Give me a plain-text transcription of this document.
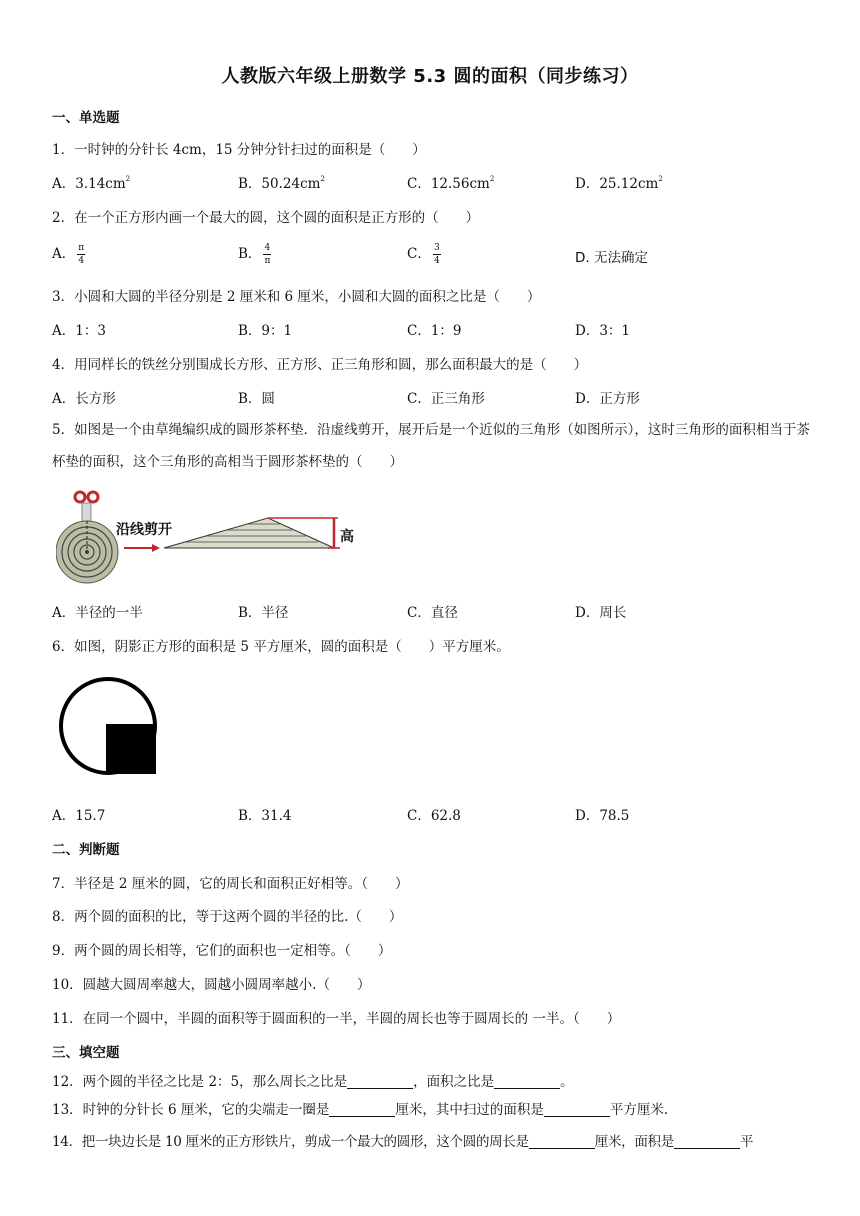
人教版六年级上册数学 5.3 圆的面积（同步练习）
一、单选题
1．一时钟的分针长 4cm，15 分钟分针扫过的面积是（　　）
A．$3.14cm^2$	B．$50.24cm^2$	C．$12.56cm^2$	D．$25.12cm^2$
2．在一个正方形内画一个最大的圆，这个圆的面积是正方形的（　　）
A． $\frac{\pi}{4}$	B． $\frac{4}{\pi}$	C． $\frac{3}{4}$	D. 无法确定
3．小圆和大圆的半径分别是 2 厘米和 6 厘米，小圆和大圆的面积之比是（　　）
A．1：3	B．9：1	C．1：9	D．3：1
4．用同样长的铁丝分别围成长方形、正方形、正三角形和圆，那么面积最大的是（　　）
A．长方形	B．圆	C．正三角形	D．正方形
5．如图是一个由草绳编织成的圆形茶杯垫．沿虚线剪开，展开后是一个近似的三角形（如图所示），这时三角形的面积相当于茶杯垫的面积，这个三角形的高相当于圆形茶杯垫的（　　）
沿线剪开	高
A．半径的一半	B．半径	C．直径	D．周长
6．如图，阴影正方形的面积是 5 平方厘米，圆的面积是（　　）平方厘米。
A．15.7	B．31.4	C．62.8	D．78.5
二、判断题
7．半径是 2 厘米的圆，它的周长和面积正好相等。（　　）
8．两个圆的面积的比，等于这两个圆的半径的比.（　　）
9．两个圆的周长相等，它们的面积也一定相等。（　　）
10．圆越大圆周率越大，圆越小圆周率越小.（　　）
11．在同一个圆中，半圆的面积等于圆面积的一半，半圆的周长也等于圆周长的 一半。（　　）
三、填空题
12．两个圆的半径之比是 2：5，那么周长之比是	，面积之比是	。
13．时钟的分针长 6 厘米，它的尖端走一圈是	厘米，其中扫过的面积是	平方厘米.
14．把一块边长是 10 厘米的正方形铁片，剪成一个最大的圆形，这个圆的周长是	厘米，面积是	平
